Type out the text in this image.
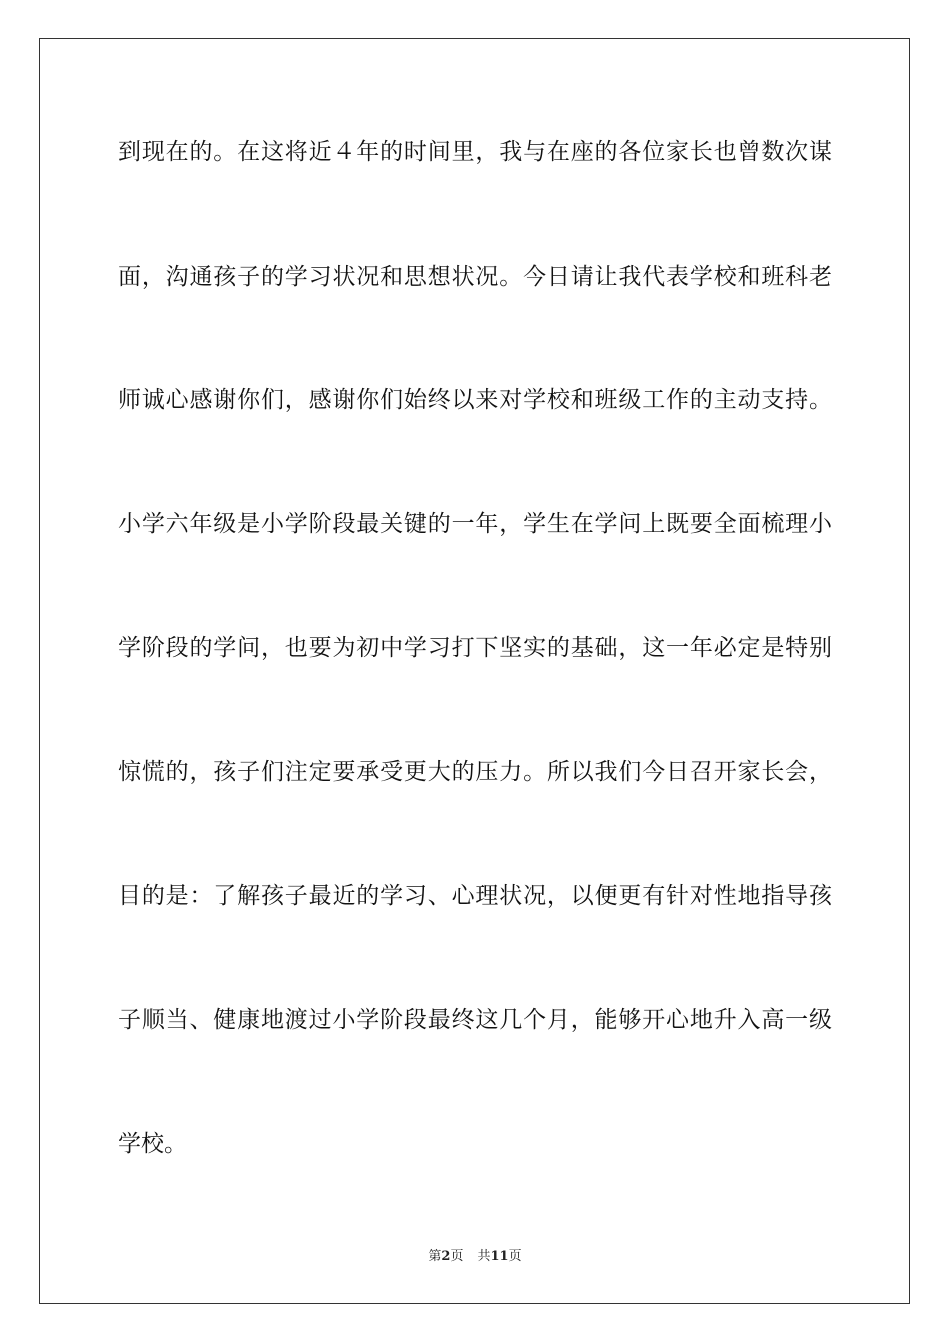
到现在的。在这将近４年的时间里，我与在座的各位家长也曾数次谋
面，沟通孩子的学习状况和思想状况。今日请让我代表学校和班科老
师诚心感谢你们，感谢你们始终以来对学校和班级工作的主动支持。
小学六年级是小学阶段最关键的一年，学生在学问上既要全面梳理小
学阶段的学问，也要为初中学习打下坚实的基础，这一年必定是特别
惊慌的，孩子们注定要承受更大的压力。所以我们今日召开家长会，
目的是：了解孩子最近的学习、心理状况，以便更有针对性地指导孩
子顺当、健康地渡过小学阶段最终这几个月，能够开心地升入高一级
学校。
第2页 共11页
